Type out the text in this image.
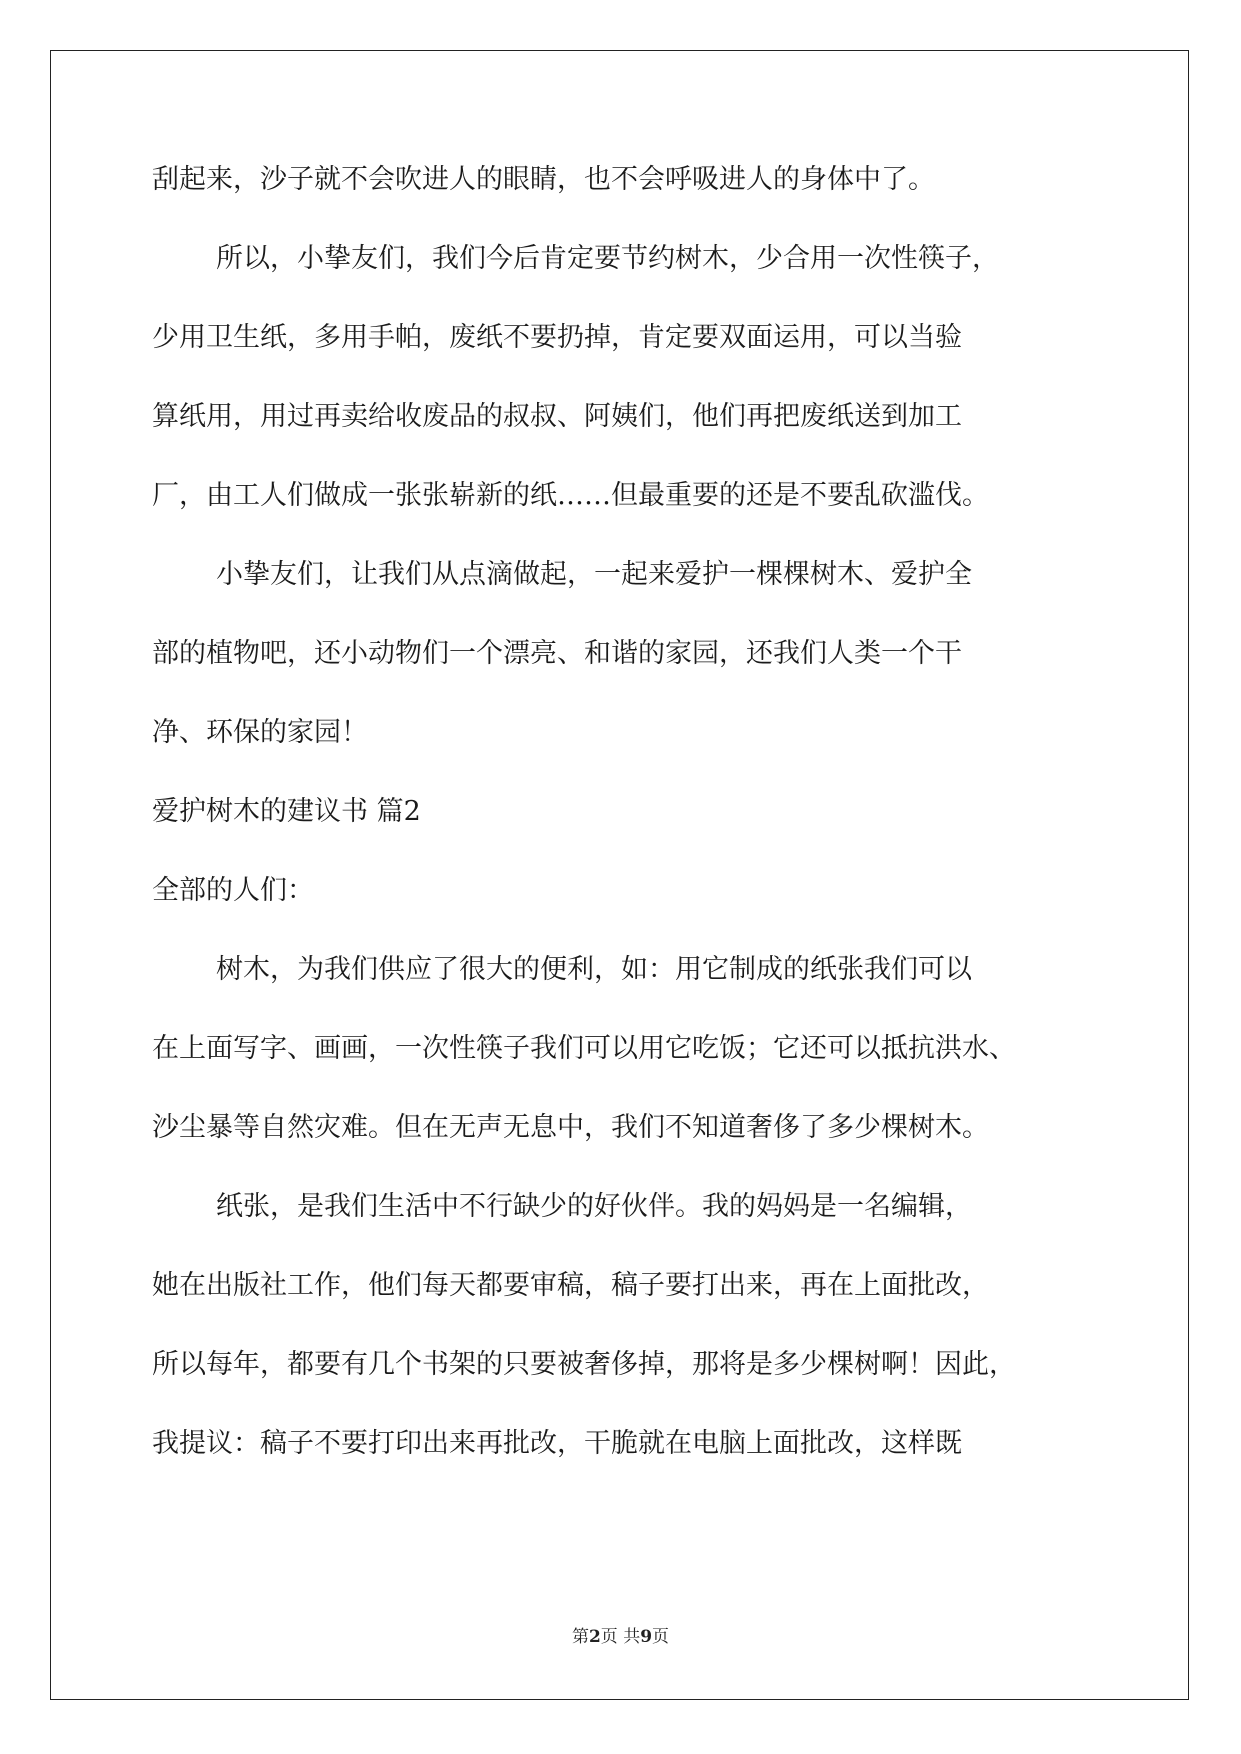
刮起来，沙子就不会吹进人的眼睛，也不会呼吸进人的身体中了。
所以，小挚友们，我们今后肯定要节约树木，少合用一次性筷子，
少用卫生纸，多用手帕，废纸不要扔掉，肯定要双面运用，可以当验
算纸用，用过再卖给收废品的叔叔、阿姨们，他们再把废纸送到加工
厂，由工人们做成一张张崭新的纸……但最重要的还是不要乱砍滥伐。
小挚友们，让我们从点滴做起，一起来爱护一棵棵树木、爱护全
部的植物吧，还小动物们一个漂亮、和谐的家园，还我们人类一个干
净、环保的家园！
爱护树木的建议书 篇2
全部的人们：
树木，为我们供应了很大的便利，如：用它制成的纸张我们可以
在上面写字、画画，一次性筷子我们可以用它吃饭；它还可以抵抗洪水、
沙尘暴等自然灾难。但在无声无息中，我们不知道奢侈了多少棵树木。
纸张，是我们生活中不行缺少的好伙伴。我的妈妈是一名编辑，
她在出版社工作，他们每天都要审稿，稿子要打出来，再在上面批改，
所以每年，都要有几个书架的只要被奢侈掉，那将是多少棵树啊！因此，
我提议：稿子不要打印出来再批改，干脆就在电脑上面批改，这样既
第2页 共9页
